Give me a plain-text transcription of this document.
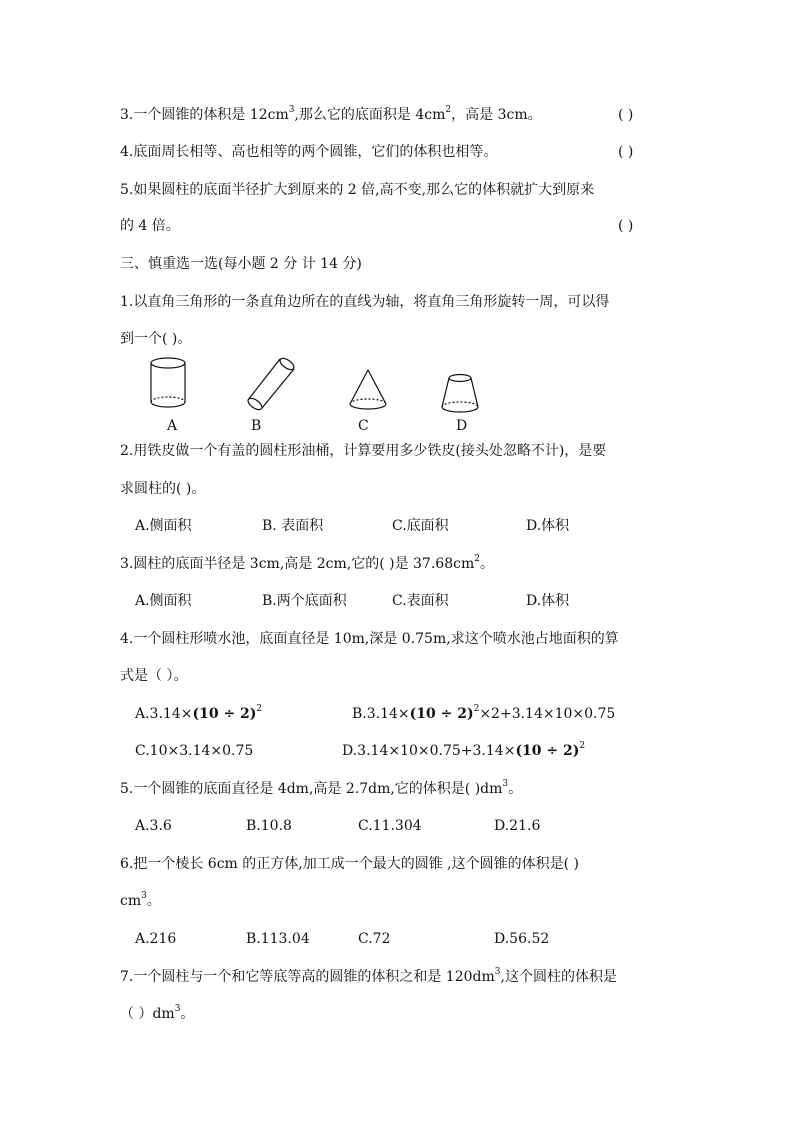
3.一个圆锥的体积是 $12cm^3$,那么它的底面积是 $4cm^2$，高是 3cm。	( )
4.底面周长相等、高也相等的两个圆锥，它们的体积也相等。	( )
5.如果圆柱的底面半径扩大到原来的 2 倍,高不变,那么它的体积就扩大到原来
的 4 倍。	( )
三、慎重选一选(每小题 2 分 计 14 分)
1.以直角三角形的一条直角边所在的直线为轴，将直角三角形旋转一周，可以得
到一个( )。
A	B	C	D
2.用铁皮做一个有盖的圆柱形油桶，计算要用多少铁皮(接头处忽略不计)，是要
求圆柱的( )。
A.侧面积	B. 表面积	C.底面积	D.体积
3.圆柱的底面半径是 3cm,高是 2cm,它的( )是 $37.68cm^2$。
A.侧面积	B.两个底面积	C.表面积	D.体积
4.一个圆柱形喷水池，底面直径是 10m,深是 0.75m,求这个喷水池占地面积的算
式是（ ）。
$A.3.14\times(10 \div 2)^2$	$B.3.14\times(10 \div 2)^2\times 2+3.14\times 10\times 0.75$
C.10×3.14×0.75	$D.3.14\times 10\times 0.75+3.14\times(10 \div 2)^2$
5.一个圆锥的底面直径是 4dm,高是 2.7dm,它的体积是( )$dm^3$。
A.3.6	B.10.8	C.11.304	D.21.6
6.把一个棱长 6cm 的正方体,加工成一个最大的圆锥 ,这个圆锥的体积是( )
$cm^3$。
A.216	B.113.04	C.72	D.56.52
7.一个圆柱与一个和它等底等高的圆锥的体积之和是 $120dm^3$,这个圆柱的体积是
（ ）$dm^3$。
